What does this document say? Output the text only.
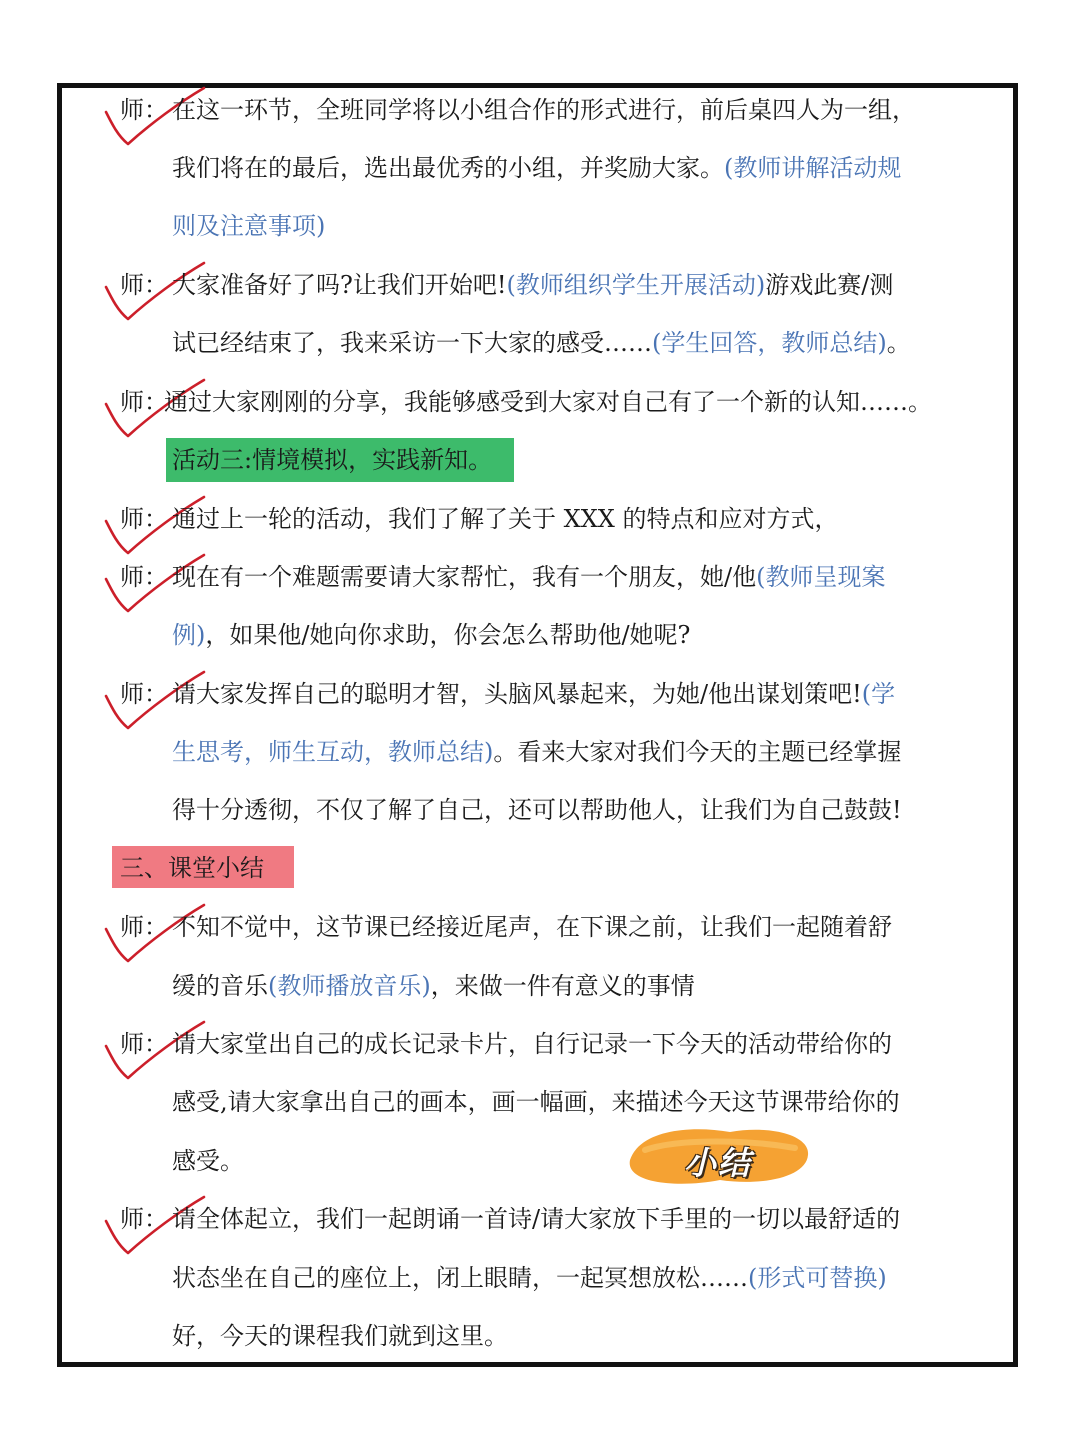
活动三:情境模拟，实践新知。
三、课堂小结
师： 在这一环节，全班同学将以小组合作的形式进行，前后桌四人为一组，
我们将在的最后，选出最优秀的小组，并奖励大家。(教师讲解活动规
则及注意事项)
师： 大家准备好了吗?让我们开始吧!(教师组织学生开展活动)游戏此赛/测
试已经结束了，我来采访一下大家的感受……(学生回答，教师总结)。
师：
通过大家刚刚的分享，我能够感受到大家对自己有了一个新的认知……。
师： 通过上一轮的活动，我们了解了关于 XXX 的特点和应对方式，
师： 现在有一个难题需要请大家帮忙，我有一个朋友，她/他(教师呈现案
例)，如果他/她向你求助，你会怎么帮助他/她呢?
师： 请大家发挥自己的聪明才智，头脑风暴起来，为她/他出谋划策吧!(学
生思考，师生互动，教师总结)。看来大家对我们今天的主题已经掌握
得十分透彻，不仅了解了自己，还可以帮助他人，让我们为自己鼓鼓!
师： 不知不觉中，这节课已经接近尾声，在下课之前，让我们一起随着舒
缓的音乐(教师播放音乐)，来做一件有意义的事情
师： 请大家堂出自己的成长记录卡片，自行记录一下今天的活动带给你的
感受,请大家拿出自己的画本，画一幅画，来描述今天这节课带给你的
感受。
师： 请全体起立，我们一起朗诵一首诗/请大家放下手里的一切以最舒适的
状态坐在自己的座位上，闭上眼睛，一起冥想放松……(形式可替换)
好，今天的课程我们就到这里。
小结
